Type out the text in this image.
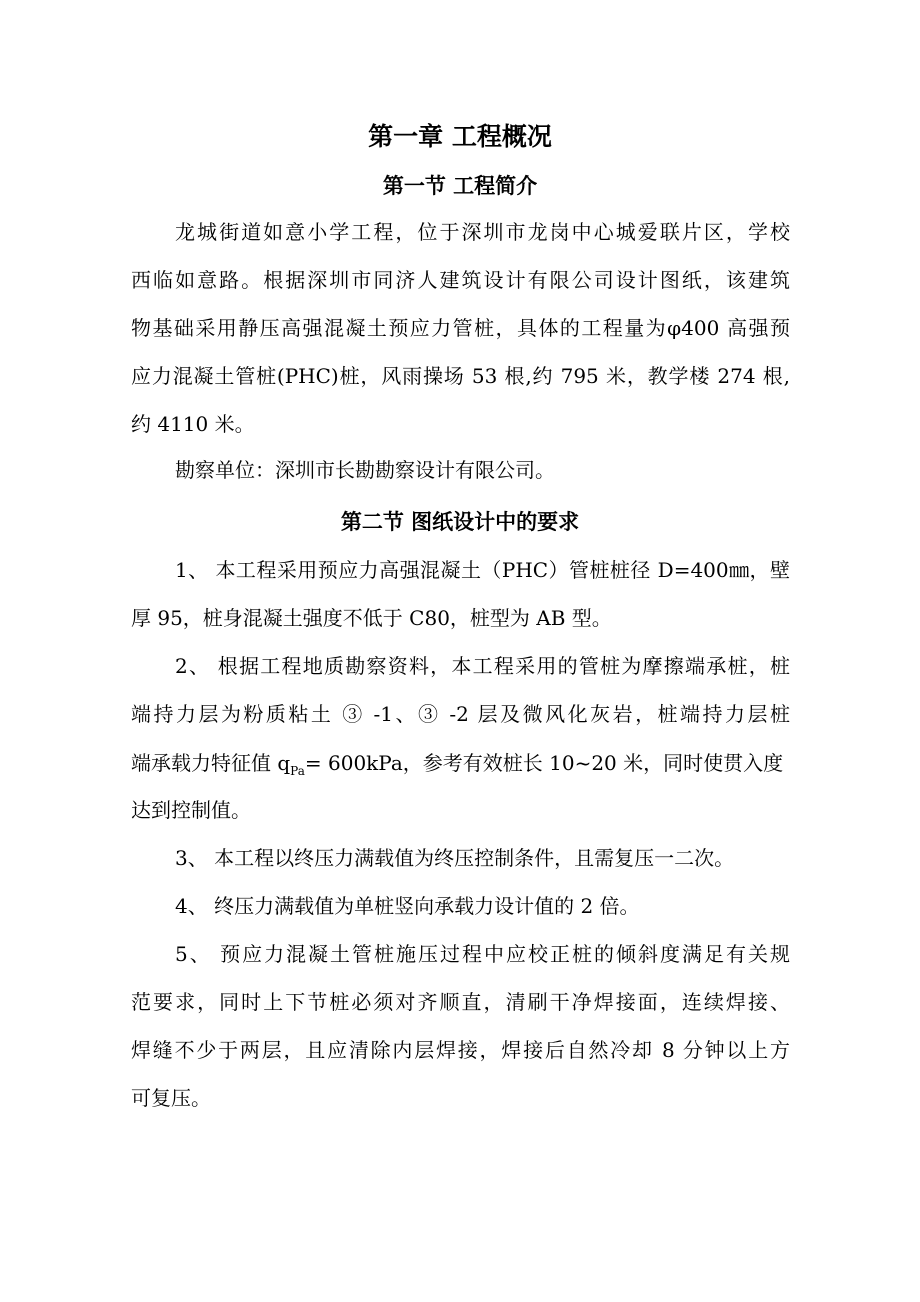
第一章 工程概况
第一节 工程简介
龙城街道如意小学工程，位于深圳市龙岗中心城爱联片区，学校
西临如意路。根据深圳市同济人建筑设计有限公司设计图纸，该建筑
物基础采用静压高强混凝土预应力管桩，具体的工程量为φ400 高强预
应力混凝土管桩(PHC)桩，风雨操场 53 根,约 795 米，教学楼 274 根,
约 4110 米。
勘察单位：深圳市长勘勘察设计有限公司。
第二节 图纸设计中的要求
1、 本工程采用预应力高强混凝土（PHC）管桩桩径 D=400㎜，壁
厚 95，桩身混凝土强度不低于 C80，桩型为 AB 型。
2、 根据工程地质勘察资料，本工程采用的管桩为摩擦端承桩，桩
端持力层为粉质粘土 ③ -1、③ -2 层及微风化灰岩，桩端持力层桩
端承载力特征值 $q_{Pa}= 600kPa$，参考有效桩长 10~20 米，同时使贯入度
达到控制值。
3、 本工程以终压力满载值为终压控制条件，且需复压一二次。
4、 终压力满载值为单桩竖向承载力设计值的 2 倍。
5、 预应力混凝土管桩施压过程中应校正桩的倾斜度满足有关规
范要求，同时上下节桩必须对齐顺直，清刷干净焊接面，连续焊接、
焊缝不少于两层，且应清除内层焊接，焊接后自然冷却 8 分钟以上方
可复压。
